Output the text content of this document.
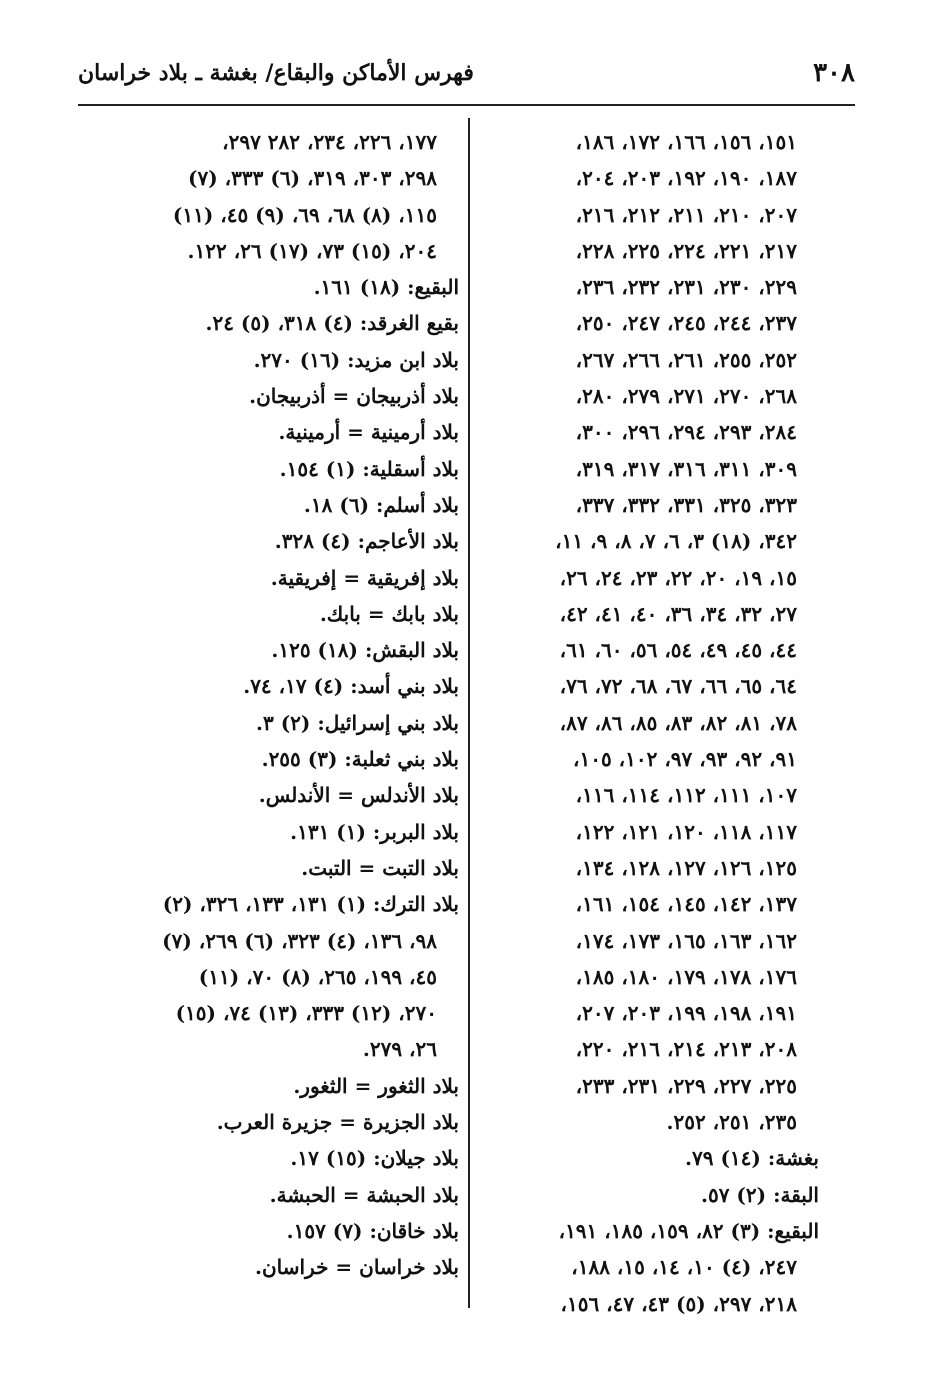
٣٠٨
فهرس الأماكن والبقاع/ بغشة ـ بلاد خراسان
١٥١، ١٥٦، ١٦٦، ١٧٢، ١٨٦،
١٨٧، ١٩٠، ١٩٢، ٢٠٣، ٢٠٤،
٢٠٧، ٢١٠، ٢١١، ٢١٢، ٢١٦،
٢١٧، ٢٢١، ٢٢٤، ٢٢٥، ٢٢٨،
٢٢٩، ٢٣٠، ٢٣١، ٢٣٢، ٢٣٦،
٢٣٧، ٢٤٤، ٢٤٥، ٢٤٧، ٢٥٠،
٢٥٢، ٢٥٥، ٢٦١، ٢٦٦، ٢٦٧،
٢٦٨، ٢٧٠، ٢٧١، ٢٧٩، ٢٨٠،
٢٨٤، ٢٩٣، ٢٩٤، ٢٩٦، ٣٠٠،
٣٠٩، ٣١١، ٣١٦، ٣١٧، ٣١٩،
٣٢٣، ٣٢٥، ٣٣١، ٣٣٢، ٣٣٧،
٣٤٢، (١٨) ٣، ٦، ٧، ٨، ٩، ١١،
١٥، ١٩، ٢٠، ٢٢، ٢٣، ٢٤، ٢٦،
٢٧، ٣٢، ٣٤، ٣٦، ٤٠، ٤١، ٤٢،
٤٤، ٤٥، ٤٩، ٥٤، ٥٦، ٦٠، ٦١،
٦٤، ٦٥، ٦٦، ٦٧، ٦٨، ٧٢، ٧٦،
٧٨، ٨١، ٨٢، ٨٣، ٨٥، ٨٦، ٨٧،
٩١، ٩٢، ٩٣، ٩٧، ١٠٢، ١٠٥،
١٠٧، ١١١، ١١٢، ١١٤، ١١٦،
١١٧، ١١٨، ١٢٠، ١٢١، ١٢٢،
١٢٥، ١٢٦، ١٢٧، ١٢٨، ١٣٤،
١٣٧، ١٤٢، ١٤٥، ١٥٤، ١٦١،
١٦٢، ١٦٣، ١٦٥، ١٧٣، ١٧٤،
١٧٦، ١٧٨، ١٧٩، ١٨٠، ١٨٥،
١٩١، ١٩٨، ١٩٩، ٢٠٣، ٢٠٧،
٢٠٨، ٢١٣، ٢١٤، ٢١٦، ٢٢٠،
٢٢٥، ٢٢٧، ٢٢٩، ٢٣١، ٢٣٣،
٢٣٥، ٢٥١، ٢٥٢.
بغشة: (١٤) ٧٩.
البقة: (٢) ٥٧.
البقيع: (٣) ٨٢، ١٥٩، ١٨٥، ١٩١،
٢٤٧، (٤) ١٠، ١٤، ١٥، ١٨٨،
٢١٨، ٢٩٧، (٥) ٤٣، ٤٧، ١٥٦،
١٧٧، ٢٢٦، ٢٣٤، ٢٨٢ ٢٩٧،
٢٩٨، ٣٠٣، ٣١٩، (٦) ٣٣٣، (٧)
١١٥، (٨) ٦٨، ٦٩، (٩) ٤٥، (١١)
٢٠٤، (١٥) ٧٣، (١٧) ٢٦، ١٢٢.
البقيع: (١٨) ١٦١.
بقيع الغرقد: (٤) ٣١٨، (٥) ٢٤.
بلاد ابن مزيد: (١٦) ٢٧٠.
بلاد أذربيجان = أذربيجان.
بلاد أرمينية = أرمينية.
بلاد أسقلية: (١) ١٥٤.
بلاد أسلم: (٦) ١٨.
بلاد الأعاجم: (٤) ٣٢٨.
بلاد إفريقية = إفريقية.
بلاد بابك = بابك.
بلاد البقش: (١٨) ١٢٥.
بلاد بني أسد: (٤) ١٧، ٧٤.
بلاد بني إسرائيل: (٢) ٣.
بلاد بني ثعلبة: (٣) ٢٥٥.
بلاد الأندلس = الأندلس.
بلاد البربر: (١) ١٣١.
بلاد التبت = التبت.
بلاد الترك: (١) ١٣١، ١٣٣، ٣٢٦، (٢)
٩٨، ١٣٦، (٤) ٣٢٣، (٦) ٢٦٩، (٧)
٤٥، ١٩٩، ٢٦٥، (٨) ٧٠، (١١)
٢٧٠، (١٢) ٣٣٣، (١٣) ٧٤، (١٥)
٢٦، ٢٧٩.
بلاد الثغور = الثغور.
بلاد الجزيرة = جزيرة العرب.
بلاد جيلان: (١٥) ١٧.
بلاد الحبشة = الحبشة.
بلاد خاقان: (٧) ١٥٧.
بلاد خراسان = خراسان.
